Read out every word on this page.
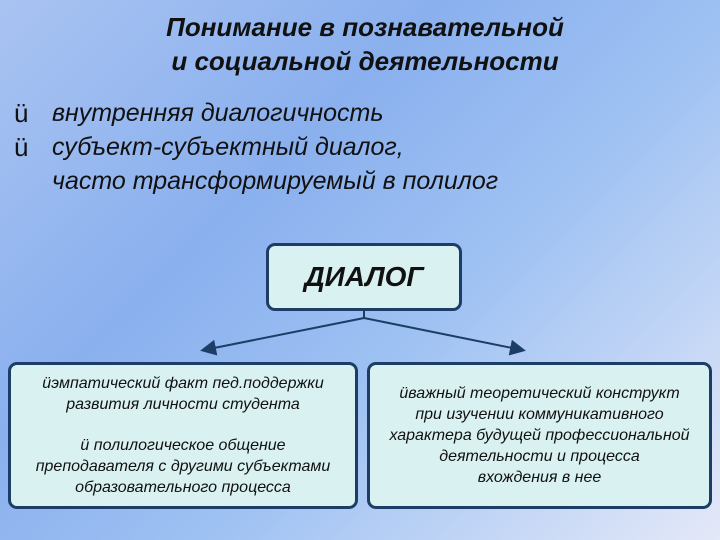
Понимание в познавательной
и социальной деятельности
ü внутренняя диалогичность
ü субъект-субъектный диалог,
часто трансформируемый в полилог
ДИАЛОГ
üэмпатический факт пед.поддержки
развития личности студента
ü полилогическое общение
преподавателя с другими субъектами
образовательного процесса
üважный теоретический конструкт
при изучении коммуникативного
характера будущей профессиональной
деятельности и процесса
вхождения в нее
